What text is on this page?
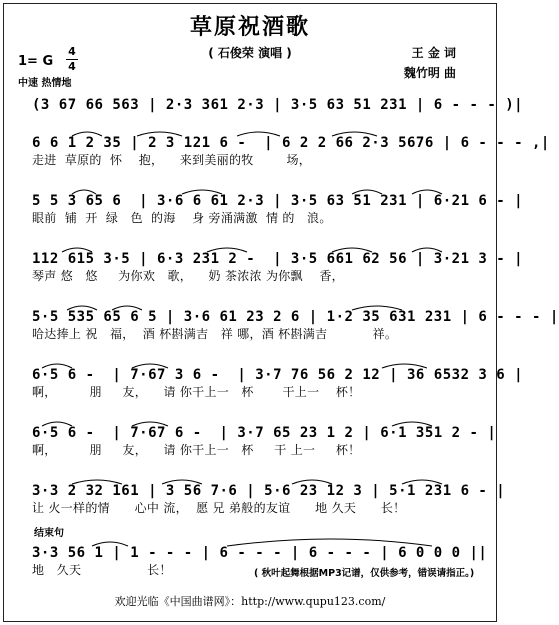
草原祝酒歌
( 石俊荣 演唱 )	王 金 词
魏竹明 曲
1= G
4
4
中速 热情地
(3 67 66 563 | 2·3 361 2·3 | 3·5 63 51 231 | 6 - - - )|
6 6 1 2 35 | 2 3 121 6 -  | 6 2 2 66 2·3 5676 | 6 - - - ,|
走进  草原的  怀    抱，    来到美丽的牧        场，
5 5 3 65 6  | 3·6 6 61 2·3 | 3·5 63 51 231 | 6·21 6 - |
眼前  铺  开  绿   色  的海    身 旁涌满激  情 的   浪。
112 615 3·5 | 6·3 231 2 -  | 3·5 661 62 56 | 3·21 3 - |
琴声 悠   悠     为你欢   歌，    奶 茶浓浓 为你飘    香，
5·5 535 65 6 5 | 3·6 61 23 2 6 | 1·2 35 631 231 | 6 - - - |
哈达捧上 祝   福，  酒 杯斟满吉   祥 哪，酒 杯斟满吉           祥。
6·5 6 -  | 7·67 3 6 -  | 3·7 76 56 2 12 | 36 6532 3 6 |
啊，        朋     友，    请 你干上一   杯       干上一    杯！
6·5 6 -  | 7·67 6 -  | 3·7 65 23 1 2 | 6·1 351 2 - |
啊，        朋     友，    请 你干上一   杯     干 上一     杯！
3·3 2 32 161 | 3 56 7·6 | 5·6 23 12 3 | 5·1 231 6 - |
让 火一样的情      心中 流，  愿 兄 弟般的友谊      地 久天      长！
结束句
3·3 56 1 | 1 - - - | 6 - - - | 6 - - - | 6 0 0 0 ||
地   久天                长！	( 秋叶起舞根据MP3记谱，仅供参考，错误请指正。)
欢迎光临《中国曲谱网》：http://www.qupu123.com/
